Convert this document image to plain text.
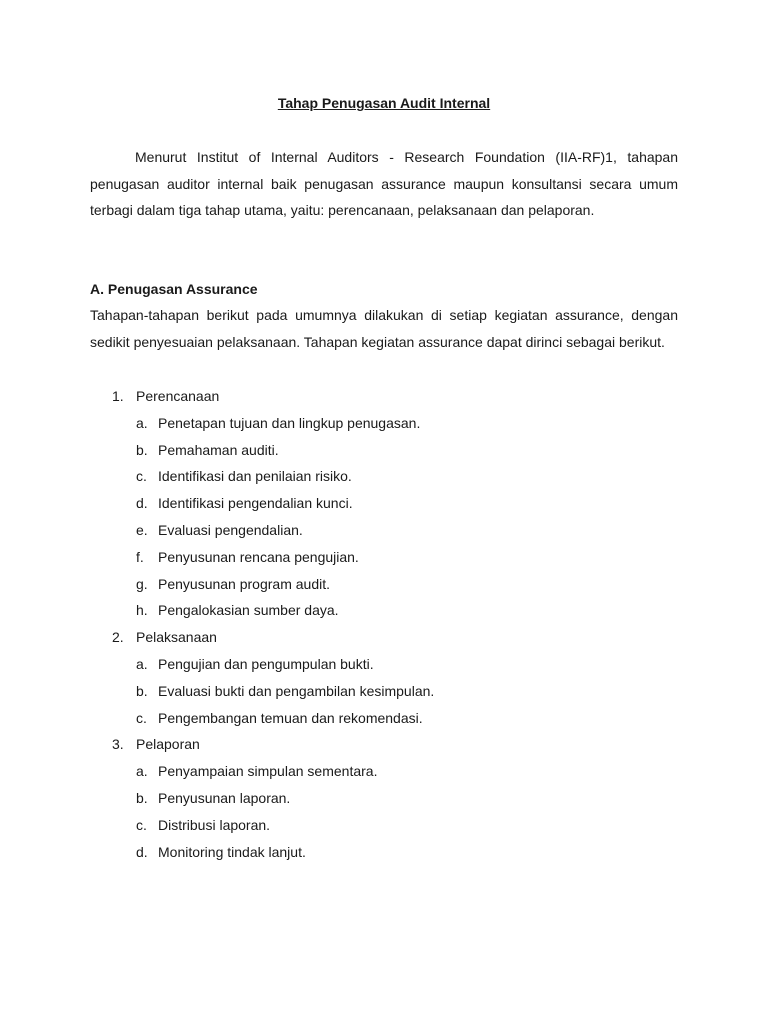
Tahap Penugasan Audit Internal

Menurut Institut of Internal Auditors - Research Foundation (IIA-RF)1, tahapan penugasan auditor internal baik penugasan assurance maupun konsultansi secara umum terbagi dalam tiga tahap utama, yaitu: perencanaan, pelaksanaan dan pelaporan.

A. Penugasan Assurance

Tahapan-tahapan berikut pada umumnya dilakukan di setiap kegiatan assurance, dengan sedikit penyesuaian pelaksanaan. Tahapan kegiatan assurance dapat dirinci sebagai berikut.

1. Perencanaan
a. Penetapan tujuan dan lingkup penugasan.
b. Pemahaman auditi.
c. Identifikasi dan penilaian risiko.
d. Identifikasi pengendalian kunci.
e. Evaluasi pengendalian.
f.	Penyusunan rencana pengujian.
g. Penyusunan program audit.
h. Pengalokasian sumber daya.
2. Pelaksanaan
a. Pengujian dan pengumpulan bukti.
b. Evaluasi bukti dan pengambilan kesimpulan.
c. Pengembangan temuan dan rekomendasi.
3. Pelaporan
a. Penyampaian simpulan sementara.
b. Penyusunan laporan.
c. Distribusi laporan.
d. Monitoring tindak lanjut.
